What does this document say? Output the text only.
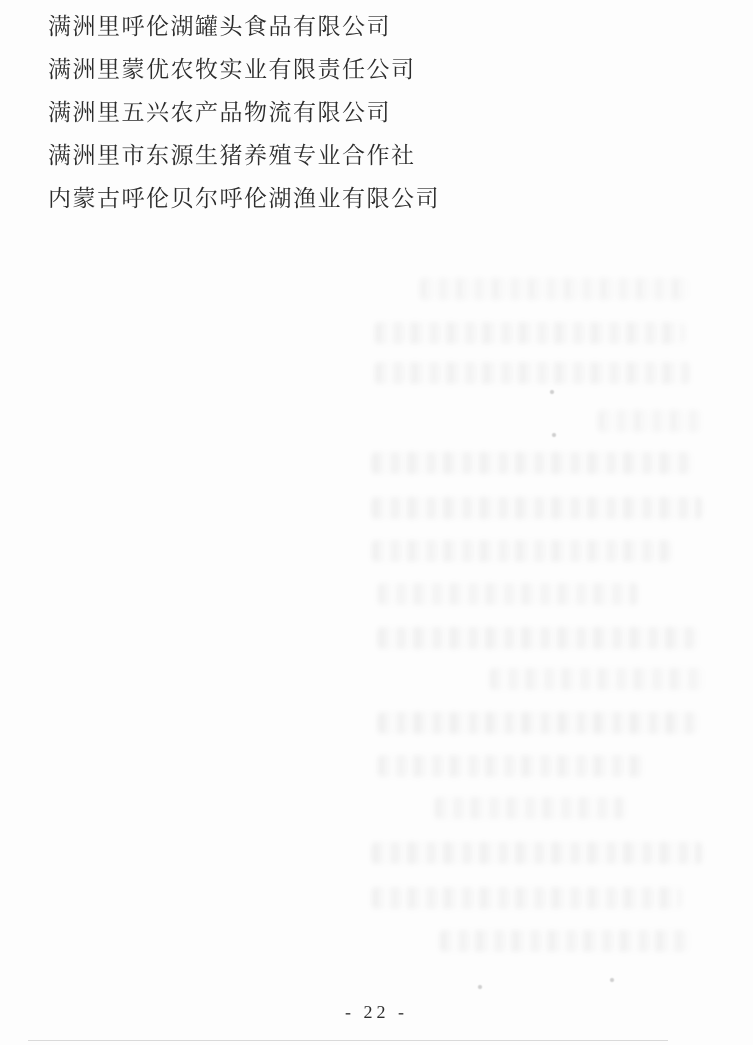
满洲里呼伦湖罐头食品有限公司
满洲里蒙优农牧实业有限责任公司
满洲里五兴农产品物流有限公司
满洲里市东源生猪养殖专业合作社
内蒙古呼伦贝尔呼伦湖渔业有限公司
- 22 -
